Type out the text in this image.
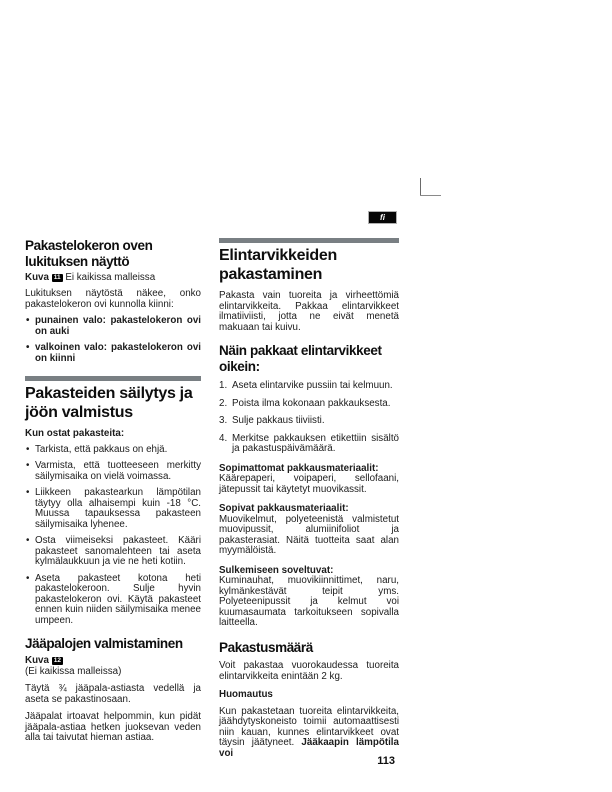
fi
Pakastelokeron oven lukituksen näyttö

Kuva 11 Ei kaikissa malleissa

Lukituksen näytöstä näkee, onko pakastelokeron ovi kunnolla kiinni:

• punainen valo: pakastelokeron ovi on auki
• valkoinen valo: pakastelokeron ovi on kiinni
Pakasteiden säilytys ja jöön valmistus

Kun ostat pakasteita:

• Tarkista, että pakkaus on ehjä.
• Varmista, että tuotteeseen merkitty säilymisaika on vielä voimassa.
• Liikkeen pakastearkun lämpötilan täytyy olla alhaisempi kuin -18 °C. Muussa tapauksessa pakasteen säilymisaika lyhenee.
• Osta viimeiseksi pakasteet. Kääri pakasteet sanomalehteen tai aseta kylmälaukkuun ja vie ne heti kotiin.
• Aseta pakasteet kotona heti pakastelokeroon. Sulje hyvin pakastelokeron ovi. Käytä pakasteet ennen kuin niiden säilymisaika menee umpeen.
Jääpalojen valmistaminen

Kuva 12

(Ei kaikissa malleissa)

Täytä ¾ jääpala-astiasta vedellä ja aseta se pakastinosaan.

Jääpalat irtoavat helpommin, kun pidät jääpala-astiaa hetken juoksevan veden alla tai taivutat hieman astiaa.

Elintarvikkeiden pakastaminen

Pakasta vain tuoreita ja virheettömiä elintarvikkeita. Pakkaa elintarvikkeet ilmatiiviisti, jotta ne eivät menetä makuaan tai kuivu.

Näin pakkaat elintarvikkeet oikein:
Aseta elintarvike pussiin tai kelmuun.
Poista ilma kokonaan pakkauksesta.
Sulje pakkaus tiiviisti.
Merkitse pakkauksen etikettiin sisältö ja pakastuspäivämäärä.

Sopimattomat pakkausmateriaalit:

Käärepaperi, voipaperi, sellofaani, jätepussit tai käytetyt muovikassit.

Sopivat pakkausmateriaalit:

Muovikelmut, polyeteenistä valmistetut muovipussit, alumiinifoliot ja pakasterasiat. Näitä tuotteita saat alan myymälöistä.

Sulkemiseen soveltuvat:

Kuminauhat, muovikiinnittimet, naru, kylmänkestävät teipit yms. Polyeteenipussit ja kelmut voi kuumasaumata tarkoitukseen sopivalla laitteella.

Pakastusmäärä

Voit pakastaa vuorokaudessa tuoreita elintarvikkeita enintään 2 kg.

Huomautus

Kun pakastetaan tuoreita elintarvikkeita, jäähdytyskoneisto toimii automaattisesti niin kauan, kunnes elintarvikkeet ovat täysin jäätyneet. Jääkaapin lämpötila voi

113
